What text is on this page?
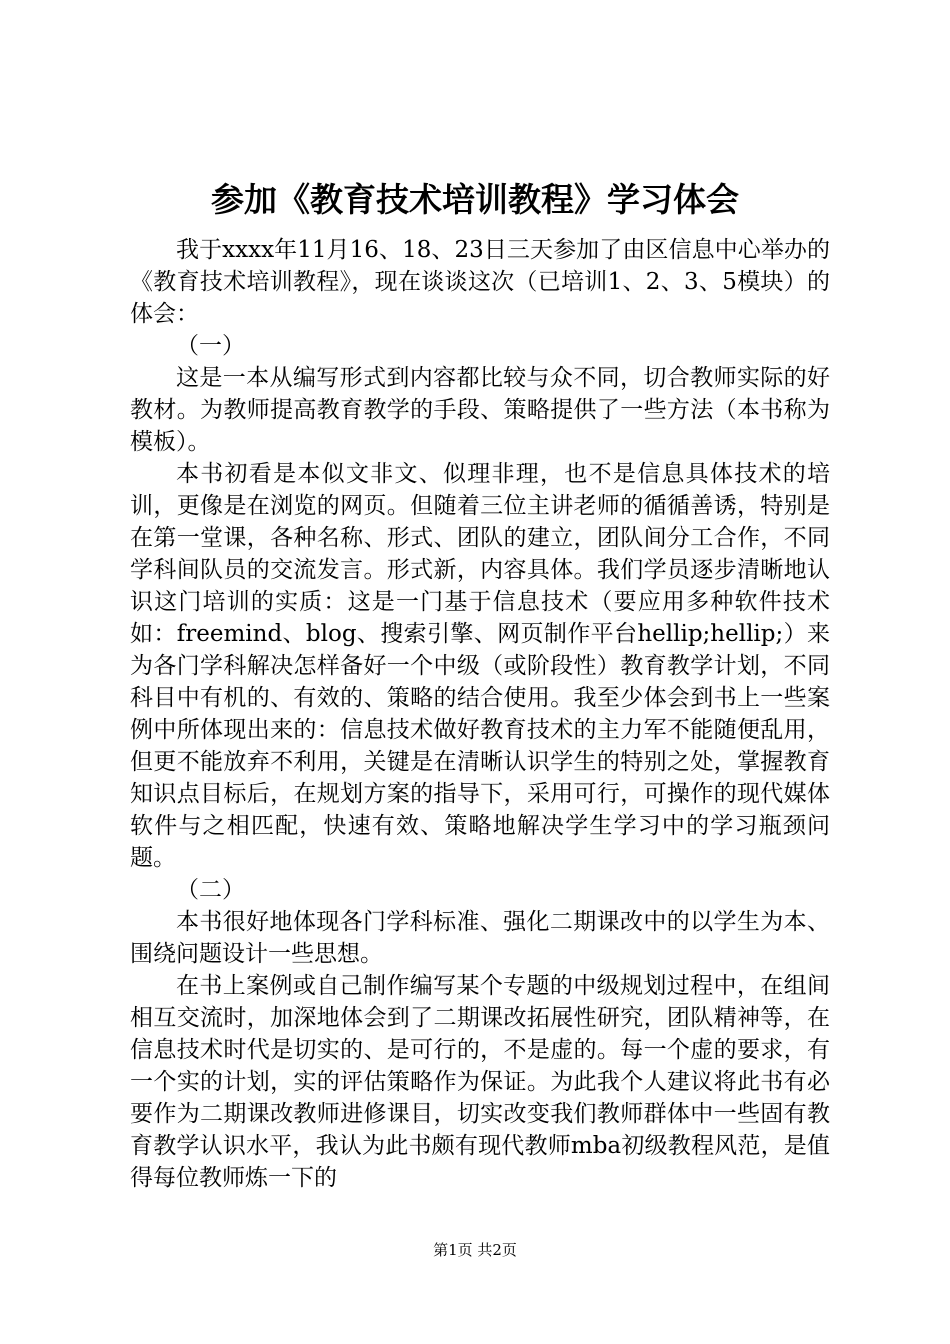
参加《教育技术培训教程》学习体会

我于xxxx年11月16、18、23日三天参加了由区信息中心举办的《教育技术培训教程》，现在谈谈这次（已培训1、2、3、5模块）的体会：

（一）

这是一本从编写形式到内容都比较与众不同，切合教师实际的好教材。为教师提高教育教学的手段、策略提供了一些方法（本书称为模板）。

本书初看是本似文非文、似理非理，也不是信息具体技术的培训，更像是在浏览的网页。但随着三位主讲老师的循循善诱，特别是在第一堂课，各种名称、形式、团队的建立，团队间分工合作，不同学科间队员的交流发言。形式新，内容具体。我们学员逐步清晰地认识这门培训的实质：这是一门基于信息技术（要应用多种软件技术如：freemind、blog、搜索引擎、网页制作平台hellip;hellip;）来为各门学科解决怎样备好一个中级（或阶段性）教育教学计划，不同科目中有机的、有效的、策略的结合使用。我至少体会到书上一些案例中所体现出来的：信息技术做好教育技术的主力军不能随便乱用，但更不能放弃不利用，关键是在清晰认识学生的特别之处，掌握教育知识点目标后，在规划方案的指导下，采用可行，可操作的现代媒体软件与之相匹配，快速有效、策略地解决学生学习中的学习瓶颈问题。

（二）

本书很好地体现各门学科标准、强化二期课改中的以学生为本、围绕问题设计一些思想。

在书上案例或自己制作编写某个专题的中级规划过程中，在组间相互交流时，加深地体会到了二期课改拓展性研究，团队精神等，在信息技术时代是切实的、是可行的，不是虚的。每一个虚的要求，有一个实的计划，实的评估策略作为保证。为此我个人建议将此书有必要作为二期课改教师进修课目，切实改变我们教师群体中一些固有教育教学认识水平，我认为此书颇有现代教师mba初级教程风范，是值得每位教师炼一下的

第1页 共2页
